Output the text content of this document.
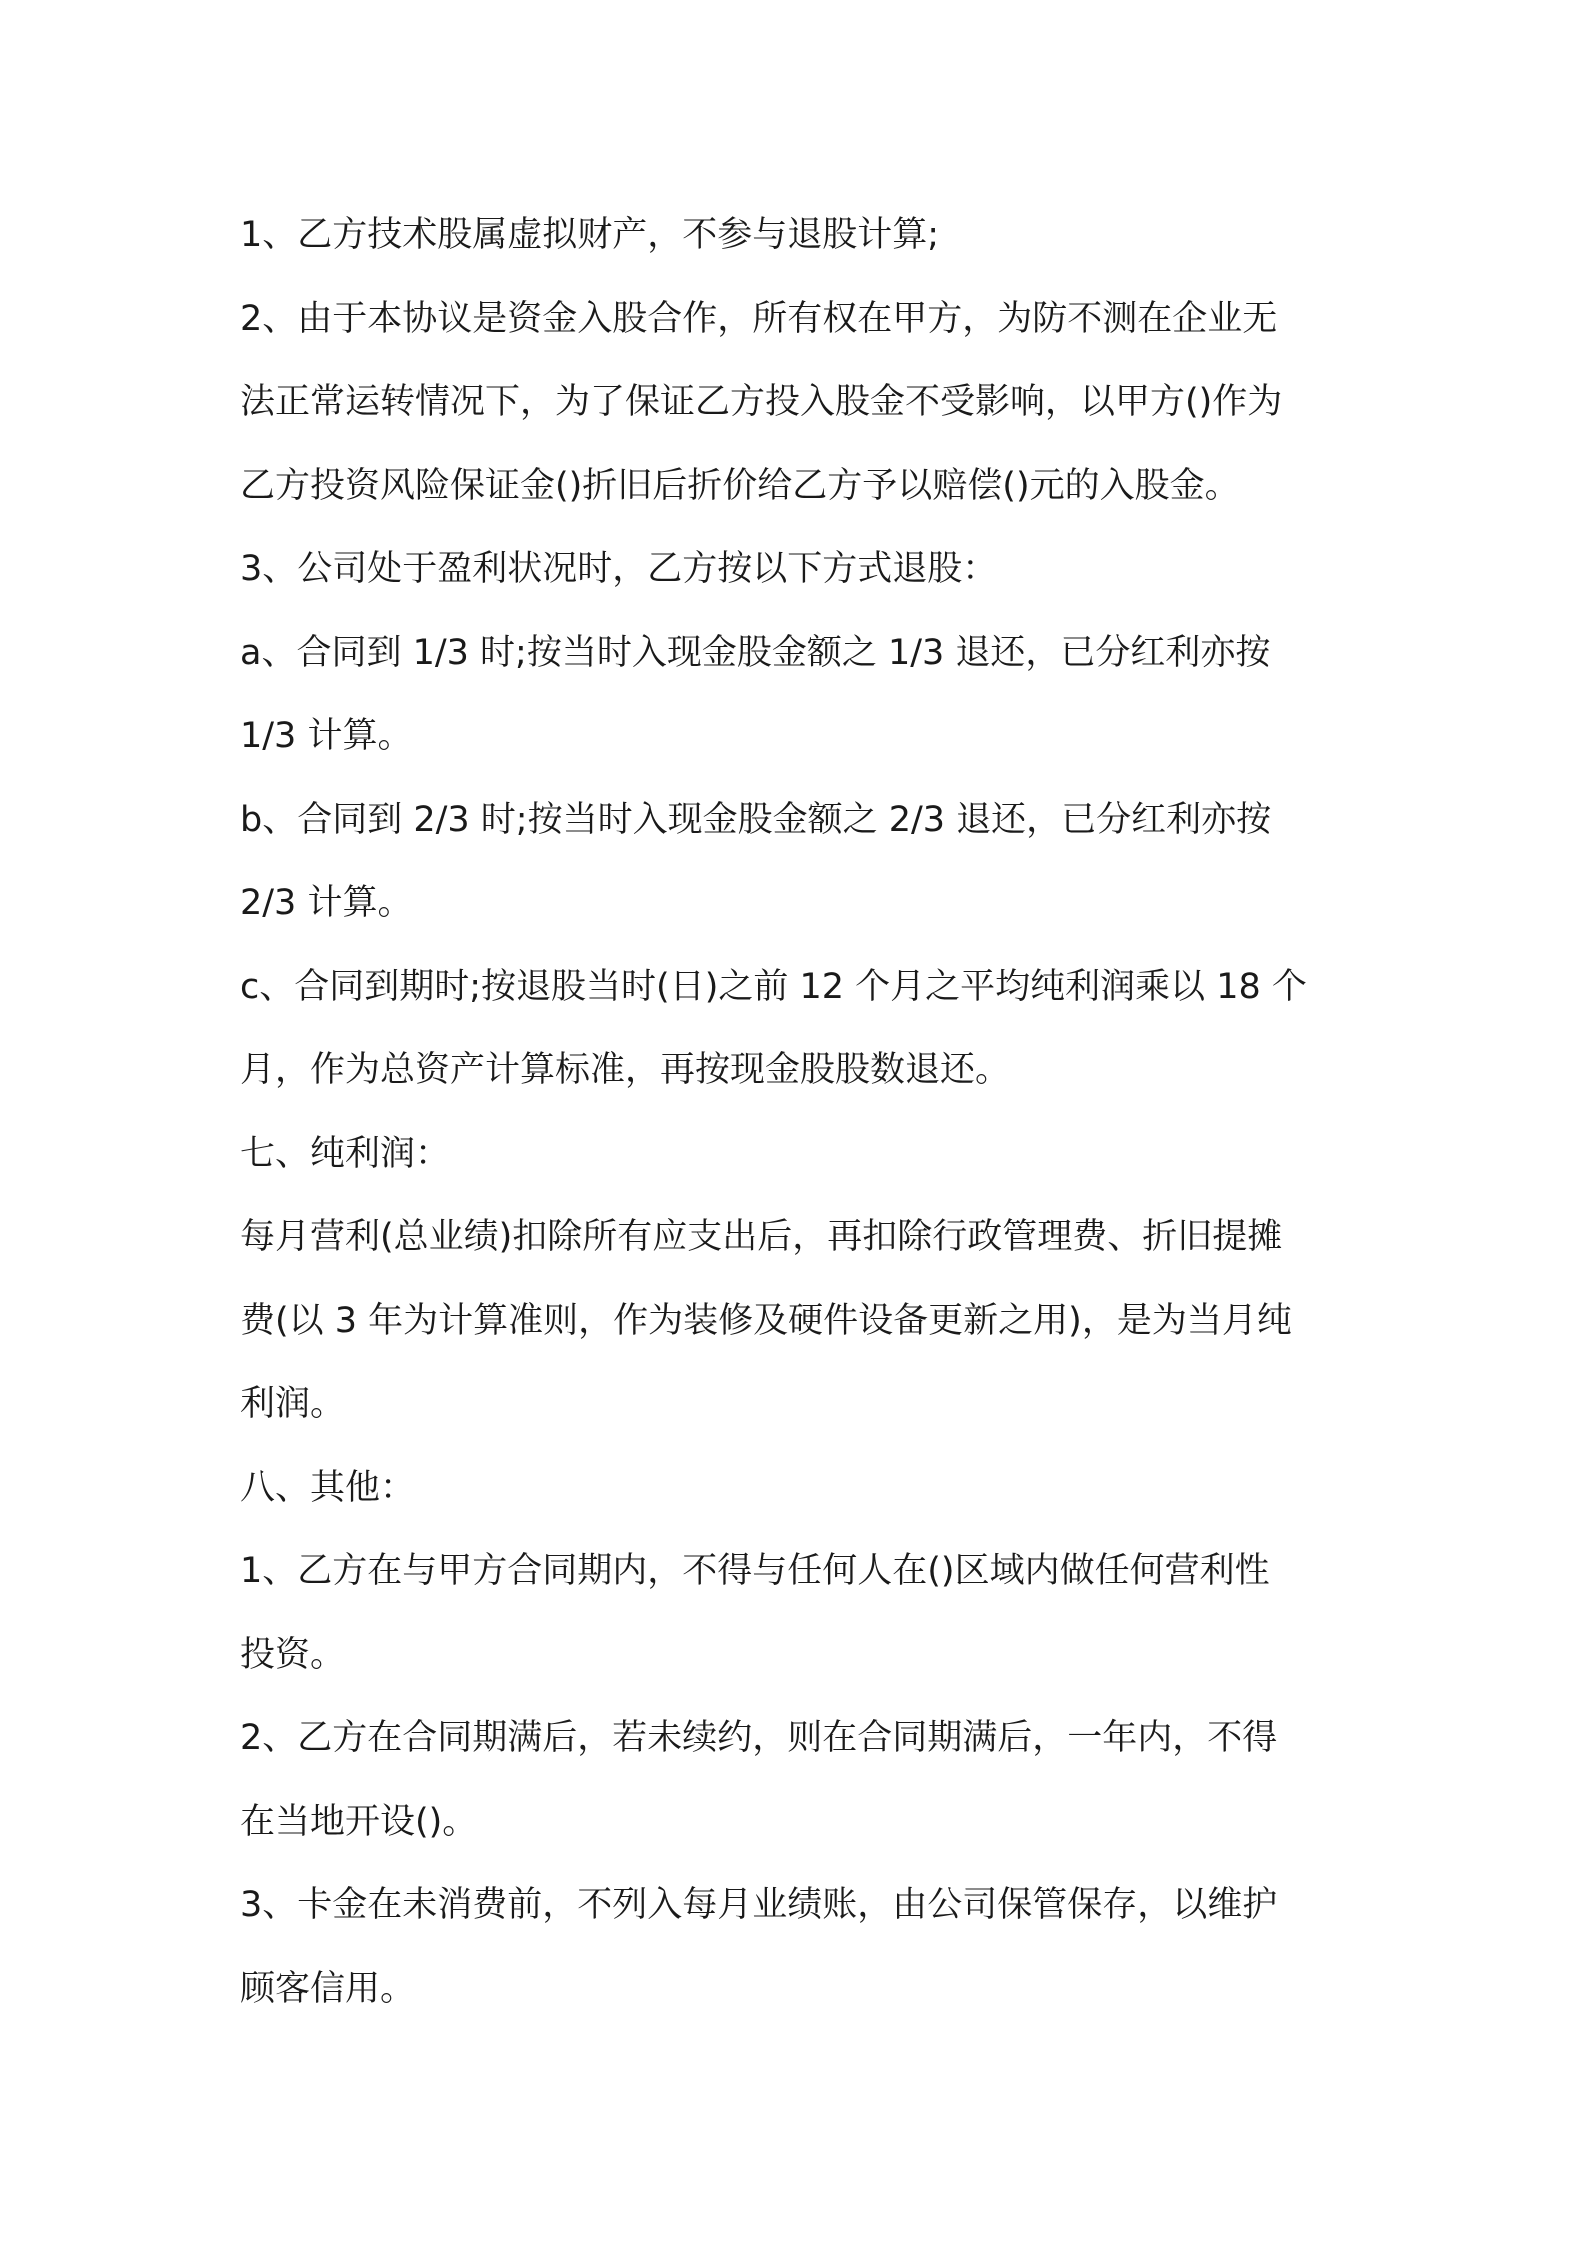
1、乙方技术股属虚拟财产，不参与退股计算;
2、由于本协议是资金入股合作，所有权在甲方，为防不测在企业无
法正常运转情况下，为了保证乙方投入股金不受影响，以甲方()作为
乙方投资风险保证金()折旧后折价给乙方予以赔偿()元的入股金。
3、公司处于盈利状况时，乙方按以下方式退股：
a、合同到 1/3 时;按当时入现金股金额之 1/3 退还，已分红利亦按
1/3 计算。
b、合同到 2/3 时;按当时入现金股金额之 2/3 退还，已分红利亦按
2/3 计算。
c、合同到期时;按退股当时(日)之前 12 个月之平均纯利润乘以 18 个
月，作为总资产计算标准，再按现金股股数退还。
七、纯利润：
每月营利(总业绩)扣除所有应支出后，再扣除行政管理费、折旧提摊
费(以 3 年为计算准则，作为装修及硬件设备更新之用)，是为当月纯
利润。
八、其他：
1、乙方在与甲方合同期内，不得与任何人在()区域内做任何营利性
投资。
2、乙方在合同期满后，若未续约，则在合同期满后，一年内，不得
在当地开设()。
3、卡金在未消费前，不列入每月业绩账，由公司保管保存，以维护
顾客信用。
